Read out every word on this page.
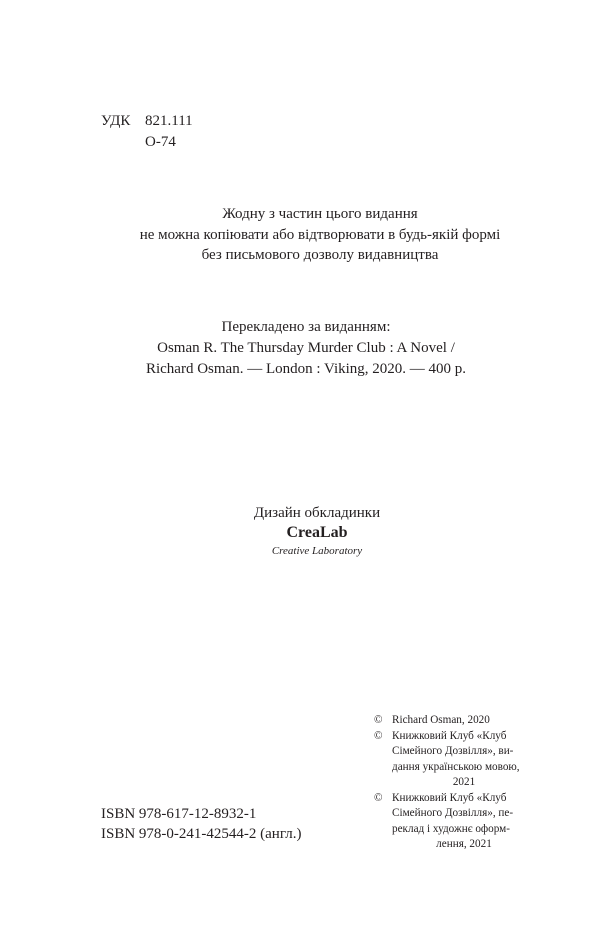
УДК 821.111
О-74
Жодну з частин цього видання
не можна копіювати або відтворювати в будь-якій формі
без письмового дозволу видавництва
Перекладено за виданням:
Osman R. The Thursday Murder Club : A Novel /
Richard Osman. — London : Viking, 2020. — 400 p.
Дизайн обкладинки
CreaLab
Creative Laboratory
© Richard Osman, 2020
© Книжковий Клуб «Клуб
Сімейного Дозвілля», ви-
дання українською мовою,
2021
© Книжковий Клуб «Клуб
Сімейного Дозвілля», пе-
реклад і художнє оформ-
лення, 2021
ISBN 978-617-12-8932-1
ISBN 978-0-241-42544-2 (англ.)
